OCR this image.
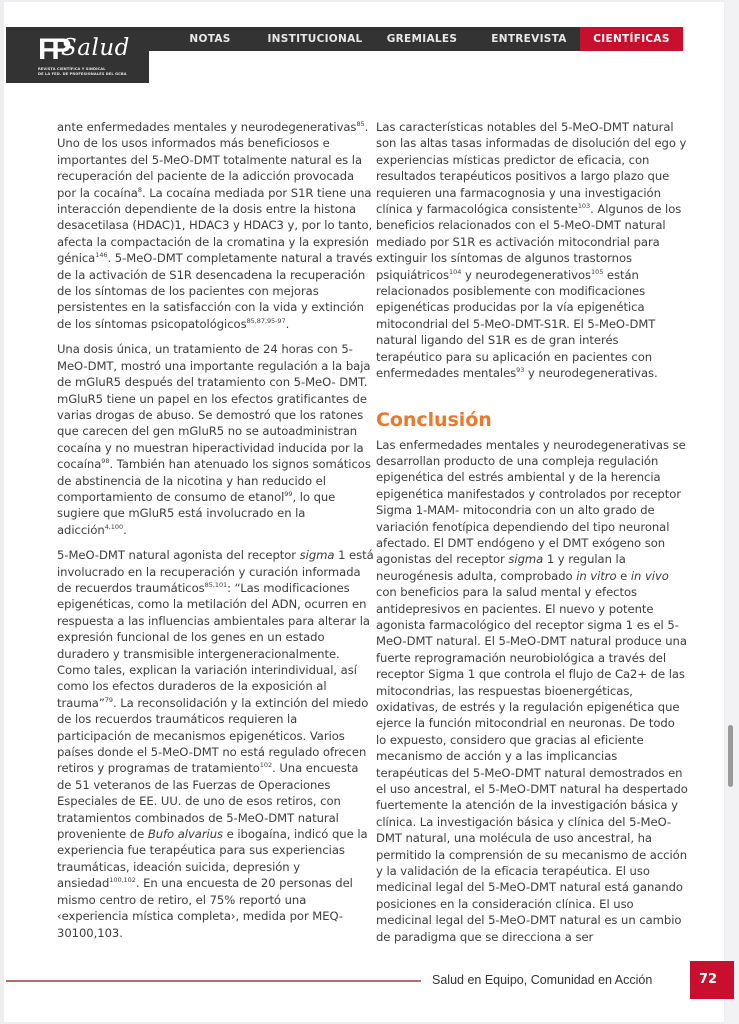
FP
Salud
REVISTA CIENTÍFICA Y SINDICAL
DE LA FED. DE PROFESIONALES DEL GCBA
NOTAS	INSTITUCIONAL	GREMIALES	ENTREVISTA	CIENTÍFICAS

ante enfermedades mentales y neurodegenerativas$^{85}$. Uno de los usos informados más beneficiosos e importantes del 5-MeO-DMT totalmente natural es la recuperación del paciente de la adicción provocada por la cocaína$^8$. La cocaína mediada por S1R tiene una interacción dependiente de la dosis entre la histona desacetilasa (HDAC)1, HDAC3 y HDAC3 y, por lo tanto, afecta la compactación de la cromatina y la expresión génica$^{146}$. 5-MeO-DMT completamente natural a través de la activación de S1R desencadena la recuperación de los síntomas de los pacientes con mejoras persistentes en la satisfacción con la vida y extinción de los síntomas psicopatológicos$^{85,87,95-97}$.

Una dosis única, un tratamiento de 24 horas con 5-MeO-DMT, mostró una importante regulación a la baja de mGluR5 después del tratamiento con 5-MeO- DMT. mGluR5 tiene un papel en los efectos gratificantes de varias drogas de abuso. Se demostró que los ratones que carecen del gen mGluR5 no se autoadministran cocaína y no muestran hiperactividad inducida por la cocaína$^{98}$. También han atenuado los signos somáticos de abstinencia de la nicotina y han reducido el comportamiento de consumo de etanol$^{99}$, lo que sugiere que mGluR5 está involucrado en la adicción$^{4,100}$.

5-MeO-DMT natural agonista del receptor sigma 1 está involucrado en la recuperación y curación informada de recuerdos traumáticos$^{85,101}$: “Las modificaciones epigenéticas, como la metilación del ADN, ocurren en respuesta a las influencias ambientales para alterar la expresión funcional de los genes en un estado duradero y transmisible intergeneracionalmente. Como tales, explican la variación interindividual, así como los efectos duraderos de la exposición al trauma”$^{79}$. La reconsolidación y la extinción del miedo de los recuerdos traumáticos requieren la participación de mecanismos epigenéticos. Varios países donde el 5-MeO-DMT no está regulado ofrecen retiros y programas de tratamiento$^{102}$. Una encuesta de 51 veteranos de las Fuerzas de Operaciones Especiales de EE. UU. de uno de esos retiros, con tratamientos combinados de 5-MeO-DMT natural proveniente de Bufo alvarius e ibogaína, indicó que la experiencia fue terapéutica para sus experiencias traumáticas, ideación suicida, depresión y ansiedad$^{100,102}$. En una encuesta de 20 personas del mismo centro de retiro, el 75% reportó una ‹experiencia mística completa›, medida por MEQ-30100,103.

Las características notables del 5-MeO-DMT natural son las altas tasas informadas de disolución del ego y experiencias místicas predictor de eficacia, con resultados terapéuticos positivos a largo plazo que requieren una farmacognosia y una investigación clínica y farmacológica consistente$^{103}$. Algunos de los beneficios relacionados con el 5-MeO-DMT natural mediado por S1R es activación mitocondrial para extinguir los síntomas de algunos trastornos psiquiátricos$^{104}$ y neurodegenerativos$^{105}$ están relacionados posiblemente con modificaciones epigenéticas producidas por la vía epigenética mitocondrial del 5-MeO-DMT-S1R. El 5-MeO-DMT natural ligando del S1R es de gran interés terapéutico para su aplicación en pacientes con enfermedades mentales$^{93}$ y neurodegenerativas.

Conclusión

Las enfermedades mentales y neurodegenerativas se desarrollan producto de una compleja regulación epigenética del estrés ambiental y de la herencia epigenética manifestados y controlados por receptor Sigma 1-MAM- mitocondria con un alto grado de variación fenotípica dependiendo del tipo neuronal afectado. El DMT endógeno y el DMT exógeno son agonistas del receptor sigma 1 y regulan la neurogénesis adulta, comprobado in vitro e in vivo con beneficios para la salud mental y efectos antidepresivos en pacientes. El nuevo y potente agonista farmacológico del receptor sigma 1 es el 5-MeO-DMT natural. El 5-MeO-DMT natural produce una fuerte reprogramación neurobiológica a través del receptor Sigma 1 que controla el flujo de Ca2+ de las mitocondrias, las respuestas bioenergéticas, oxidativas, de estrés y la regulación epigenética que ejerce la función mitocondrial en neuronas. De todo lo expuesto, considero que gracias al eficiente mecanismo de acción y a las implicancias terapéuticas del 5-MeO-DMT natural demostrados en el uso ancestral, el 5-MeO-DMT natural ha despertado fuertemente la atención de la investigación básica y clínica. La investigación básica y clínica del 5-MeO-DMT natural, una molécula de uso ancestral, ha permitido la comprensión de su mecanismo de acción y la validación de la eficacia terapéutica. El uso medicinal legal del 5-MeO-DMT natural está ganando posiciones en la consideración clínica. El uso medicinal legal del 5-MeO-DMT natural es un cambio de paradigma que se direcciona a ser

Salud en Equipo, Comunidad en Acción	72
